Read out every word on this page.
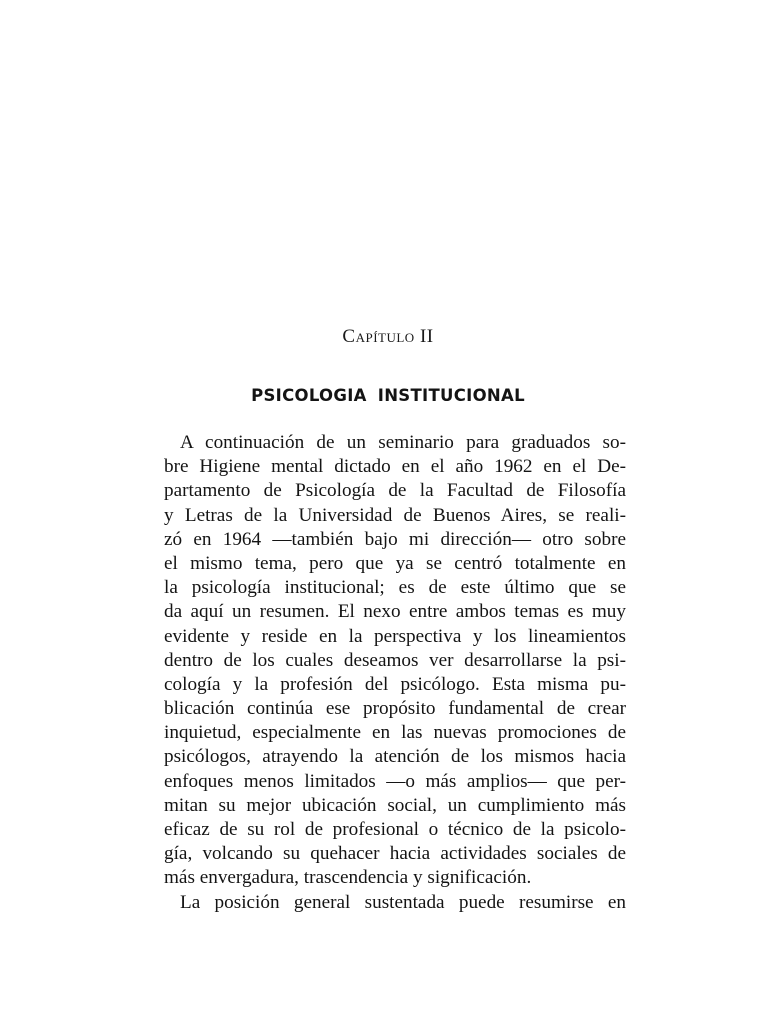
Capítulo II
PSICOLOGIA INSTITUCIONAL
A continuación de un seminario para graduados so-
bre Higiene mental dictado en el año 1962 en el De-
partamento de Psicología de la Facultad de Filosofía
y Letras de la Universidad de Buenos Aires, se reali-
zó en 1964 —también bajo mi dirección— otro sobre
el mismo tema, pero que ya se centró totalmente en
la psicología institucional; es de este último que se
da aquí un resumen. El nexo entre ambos temas es muy
evidente y reside en la perspectiva y los lineamientos
dentro de los cuales deseamos ver desarrollarse la psi-
cología y la profesión del psicólogo. Esta misma pu-
blicación continúa ese propósito fundamental de crear
inquietud, especialmente en las nuevas promociones de
psicólogos, atrayendo la atención de los mismos hacia
enfoques menos limitados —o más amplios— que per-
mitan su mejor ubicación social, un cumplimiento más
eficaz de su rol de profesional o técnico de la psicolo-
gía, volcando su quehacer hacia actividades sociales de
más envergadura, trascendencia y significación.
La posición general sustentada puede resumirse en
